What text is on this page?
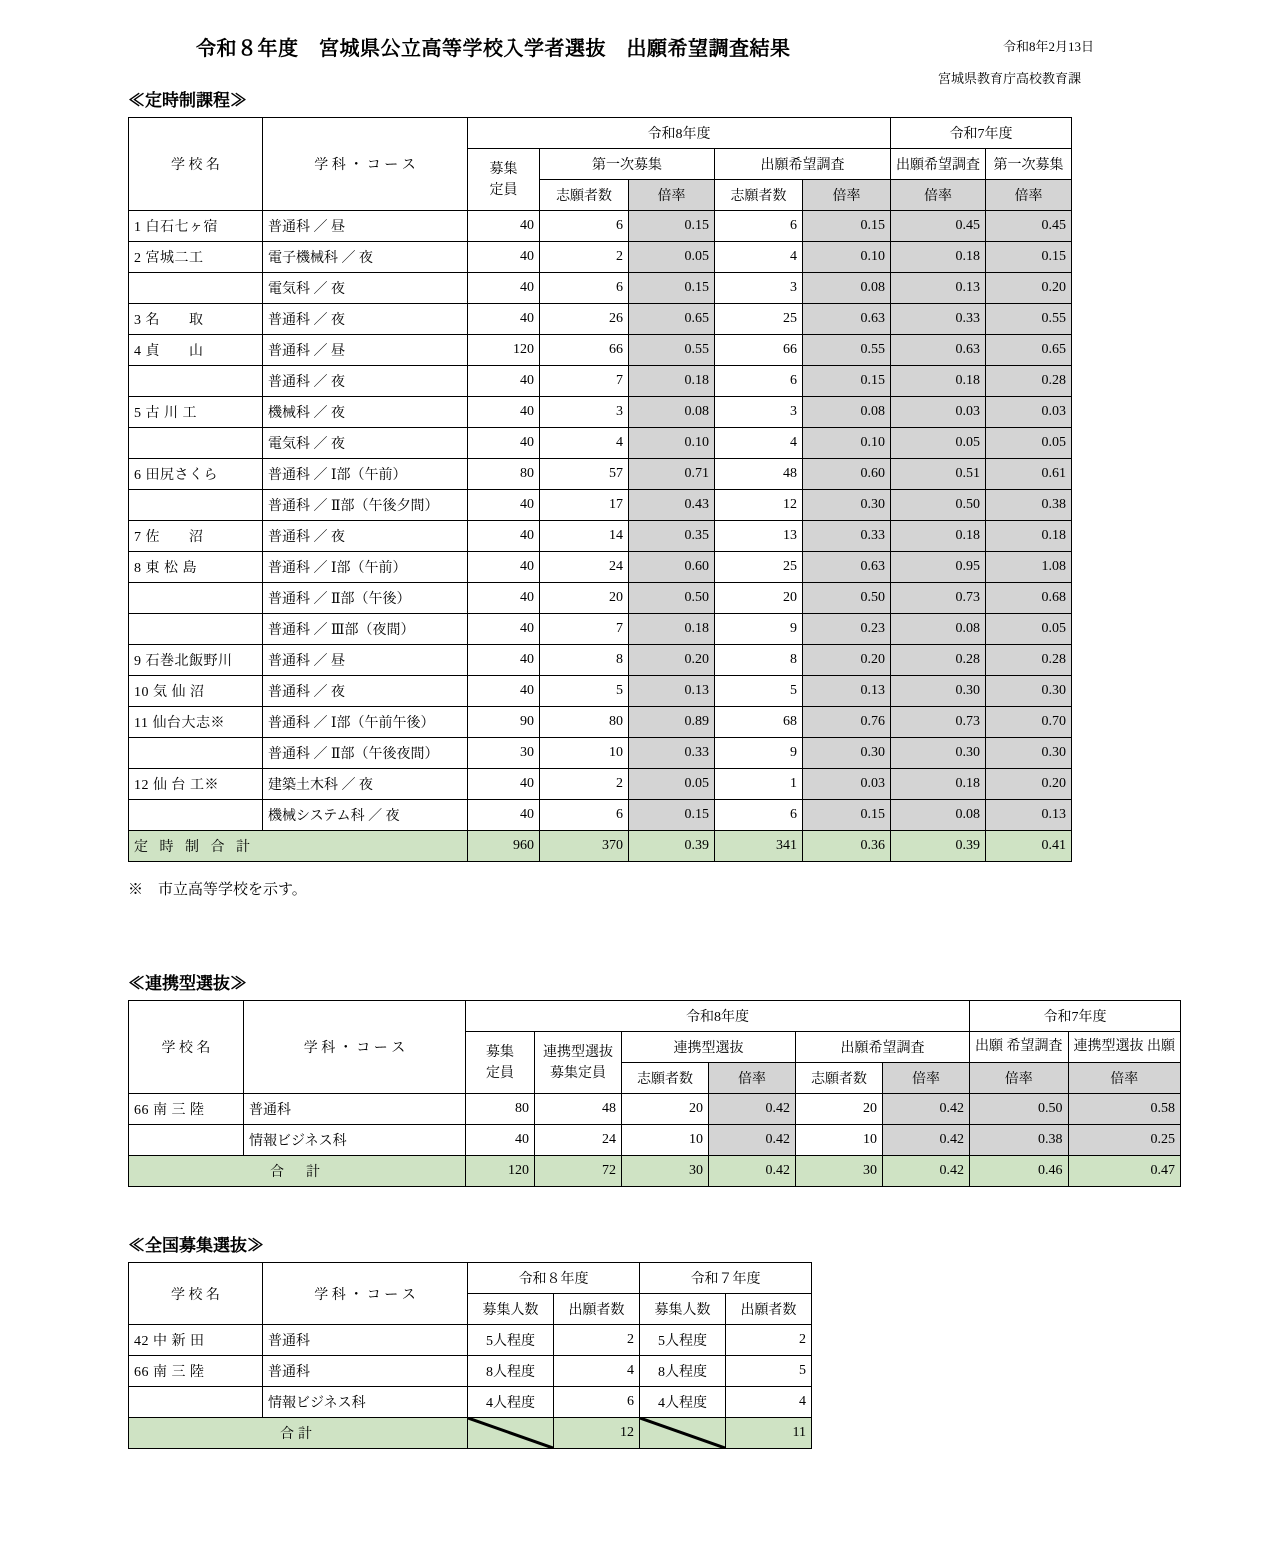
令和８年度　宮城県公立高等学校入学者選抜　出願希望調査結果	令和8年2月13日
宮城県教育庁高校教育課
≪定時制課程≫
学 校 名	学 科 ・ コ ー ス	令和8年度					令和7年度	
		募集
定員	第一次募集		出願希望調査		出願希望調査	第一次募集
			志願者数	倍率	志願者数	倍率	倍率	倍率
1 白石七ヶ宿	普通科 ／ 昼	40	6	0.15	6	0.15	0.45	0.45
2 宮城二工	電子機械科 ／ 夜	40	2	0.05	4	0.10	0.18	0.15
	電気科 ／ 夜	40	6	0.15	3	0.08	0.13	0.20
3 名　　取	普通科 ／ 夜	40	26	0.65	25	0.63	0.33	0.55
4 貞　　山	普通科 ／ 昼	120	66	0.55	66	0.55	0.63	0.65
	普通科 ／ 夜	40	7	0.18	6	0.15	0.18	0.28
5 古 川 工	機械科 ／ 夜	40	3	0.08	3	0.08	0.03	0.03
	電気科 ／ 夜	40	4	0.10	4	0.10	0.05	0.05
6 田尻さくら	普通科 ／ Ⅰ部（午前）	80	57	0.71	48	0.60	0.51	0.61
	普通科 ／ Ⅱ部（午後夕間）	40	17	0.43	12	0.30	0.50	0.38
7 佐　　沼	普通科 ／ 夜	40	14	0.35	13	0.33	0.18	0.18
8 東 松 島	普通科 ／ Ⅰ部（午前）	40	24	0.60	25	0.63	0.95	1.08
	普通科 ／ Ⅱ部（午後）	40	20	0.50	20	0.50	0.73	0.68
	普通科 ／ Ⅲ部（夜間）	40	7	0.18	9	0.23	0.08	0.05
9 石巻北飯野川	普通科 ／ 昼	40	8	0.20	8	0.20	0.28	0.28
10 気 仙 沼	普通科 ／ 夜	40	5	0.13	5	0.13	0.30	0.30
11 仙台大志※	普通科 ／ Ⅰ部（午前午後）	90	80	0.89	68	0.76	0.73	0.70
	普通科 ／ Ⅱ部（午後夜間）	30	10	0.33	9	0.30	0.30	0.30
12 仙 台 工※	建築土木科 ／ 夜	40	2	0.05	1	0.03	0.18	0.20
	機械システム科 ／ 夜	40	6	0.15	6	0.15	0.08	0.13
定 時 制 合 計		960	370	0.39	341	0.36	0.39	0.41
※　市立高等学校を示す。
≪連携型選抜≫
学 校 名	学 科 ・ コ ー ス	令和8年度						令和7年度	
		募集
定員	連携型選抜
募集定員	連携型選抜		出願希望調査		出願 希望調査	連携型選抜 出願
				志願者数	倍率	志願者数	倍率	倍率	倍率
66 南 三 陸	普通科	80	48	20	0.42	20	0.42	0.50	0.58
	情報ビジネス科	40	24	10	0.42	10	0.42	0.38	0.25
合　計		120	72	30	0.42	30	0.42	0.46	0.47
≪全国募集選抜≫
学 校 名	学 科 ・ コ ー ス	令和８年度		令和７年度	
		募集人数	出願者数	募集人数	出願者数
42 中 新 田	普通科	5人程度	2	5人程度	2
66 南 三 陸	普通科	8人程度	4	8人程度	5
	情報ビジネス科	4人程度	6	4人程度	4
合計			12		11
